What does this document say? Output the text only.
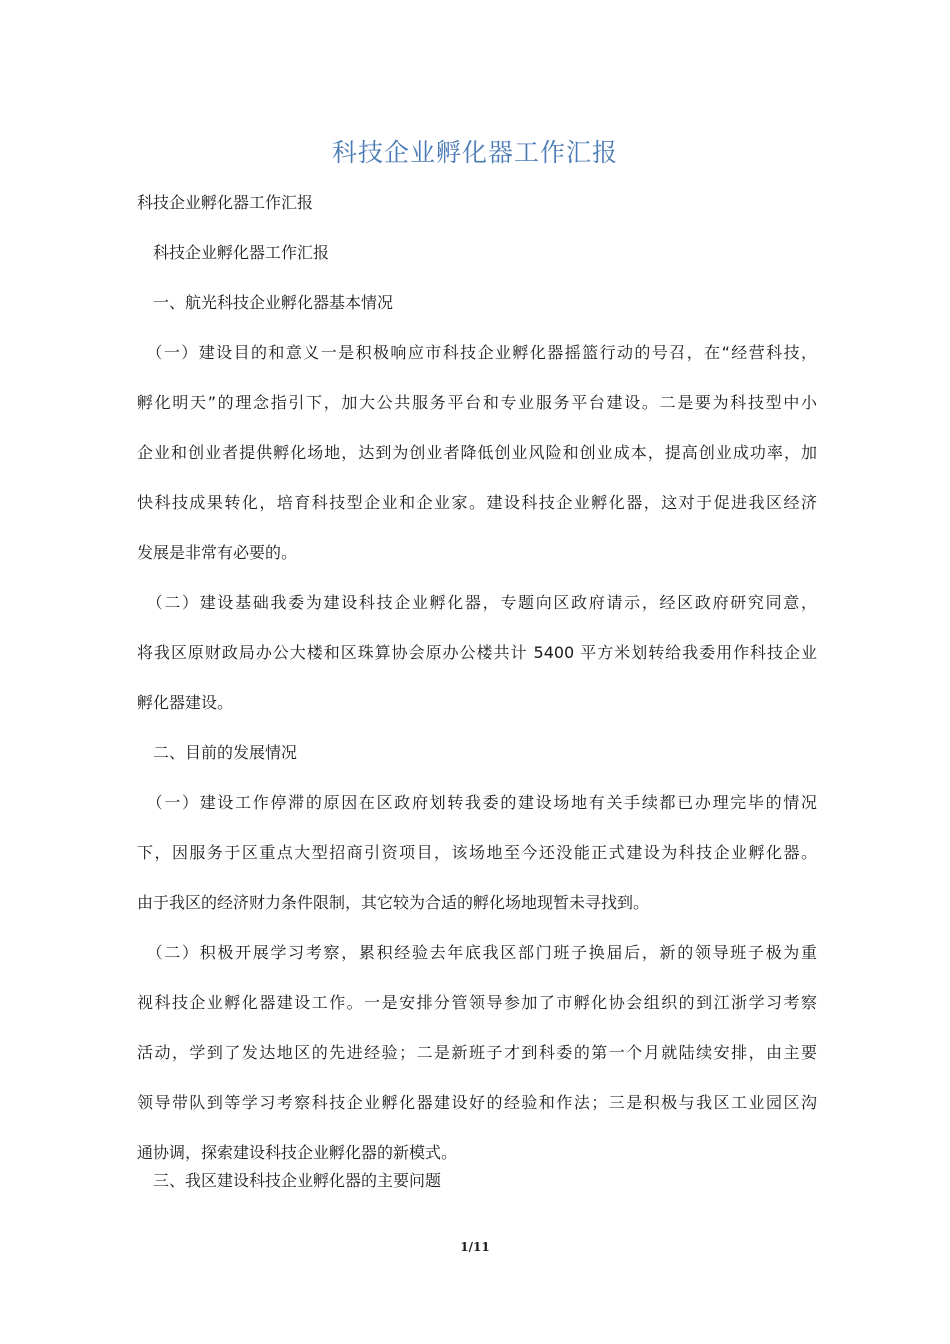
科技企业孵化器工作汇报
科技企业孵化器工作汇报
　科技企业孵化器工作汇报
　一、航光科技企业孵化器基本情况
　（一）建设目的和意义一是积极响应市科技企业孵化器摇篮行动的号召，在“经营科技，
孵化明天”的理念指引下，加大公共服务平台和专业服务平台建设。二是要为科技型中小
企业和创业者提供孵化场地，达到为创业者降低创业风险和创业成本，提高创业成功率，加
快科技成果转化，培育科技型企业和企业家。建设科技企业孵化器，这对于促进我区经济
发展是非常有必要的。
　（二）建设基础我委为建设科技企业孵化器，专题向区政府请示，经区政府研究同意，
将我区原财政局办公大楼和区珠算协会原办公楼共计 5400 平方米划转给我委用作科技企业
孵化器建设。
　二、目前的发展情况
　（一）建设工作停滞的原因在区政府划转我委的建设场地有关手续都已办理完毕的情况
下，因服务于区重点大型招商引资项目，该场地至今还没能正式建设为科技企业孵化器。
由于我区的经济财力条件限制，其它较为合适的孵化场地现暂未寻找到。
　（二）积极开展学习考察，累积经验去年底我区部门班子换届后，新的领导班子极为重
视科技企业孵化器建设工作。一是安排分管领导参加了市孵化协会组织的到江浙学习考察
活动，学到了发达地区的先进经验；二是新班子才到科委的第一个月就陆续安排，由主要
领导带队到等学习考察科技企业孵化器建设好的经验和作法；三是积极与我区工业园区沟
通协调，探索建设科技企业孵化器的新模式。
　三、我区建设科技企业孵化器的主要问题
1/11
